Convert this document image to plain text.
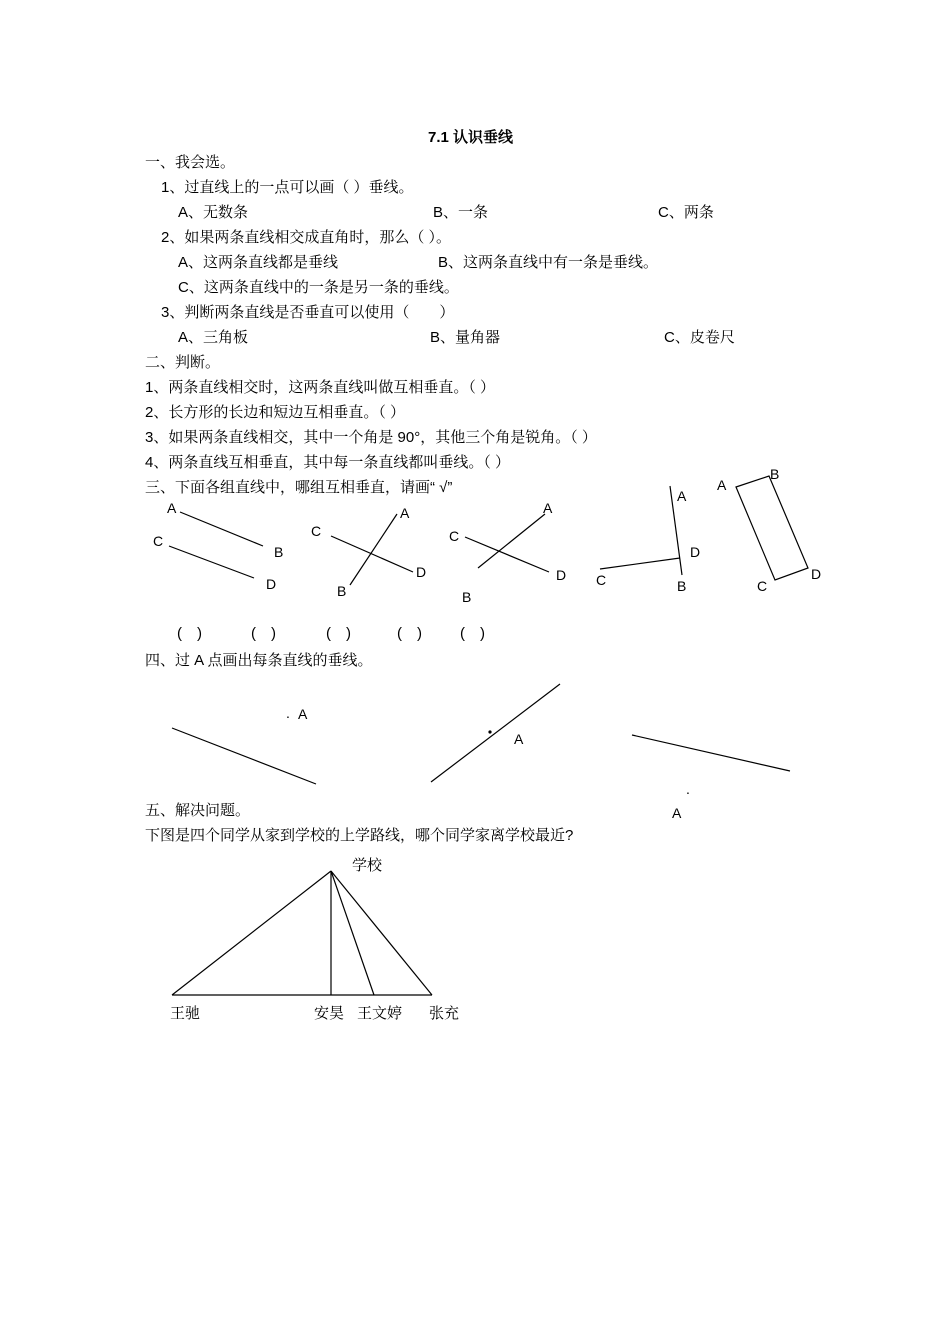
7.1 认识垂线
一、我会选。
1、过直线上的一点可以画（ ）垂线。
A、无数条	B、一条	C、两条
2、如果两条直线相交成直角时，那么（ ）。
A、这两条直线都是垂线	B、这两条直线中有一条是垂线。
C、这两条直线中的一条是另一条的垂线。
3、判断两条直线是否垂直可以使用（　　）
A、三角板	B、量角器	C、皮卷尺
二、判断。
1、两条直线相交时，这两条直线叫做互相垂直。（ ）
2、长方形的长边和短边互相垂直。（ ）
3、如果两条直线相交，其中一个角是 90°，其他三个角是锐角。（ ）
4、两条直线互相垂直，其中每一条直线都叫垂线。（ ）
三、下面各组直线中，哪组互相垂直，请画“ √”
A
C
B
D
C
A
D
B
C
A
D
B
A
D
C	B
A
B
C
D
(　)	(　)	(　)	(　)	(　)
四、过 A 点画出每条直线的垂线。
. A
A
.
A
五、解决问题。
下图是四个同学从家到学校的上学路线，哪个同学家离学校最近?
学校
王驰	安昊 王文婷 张充
